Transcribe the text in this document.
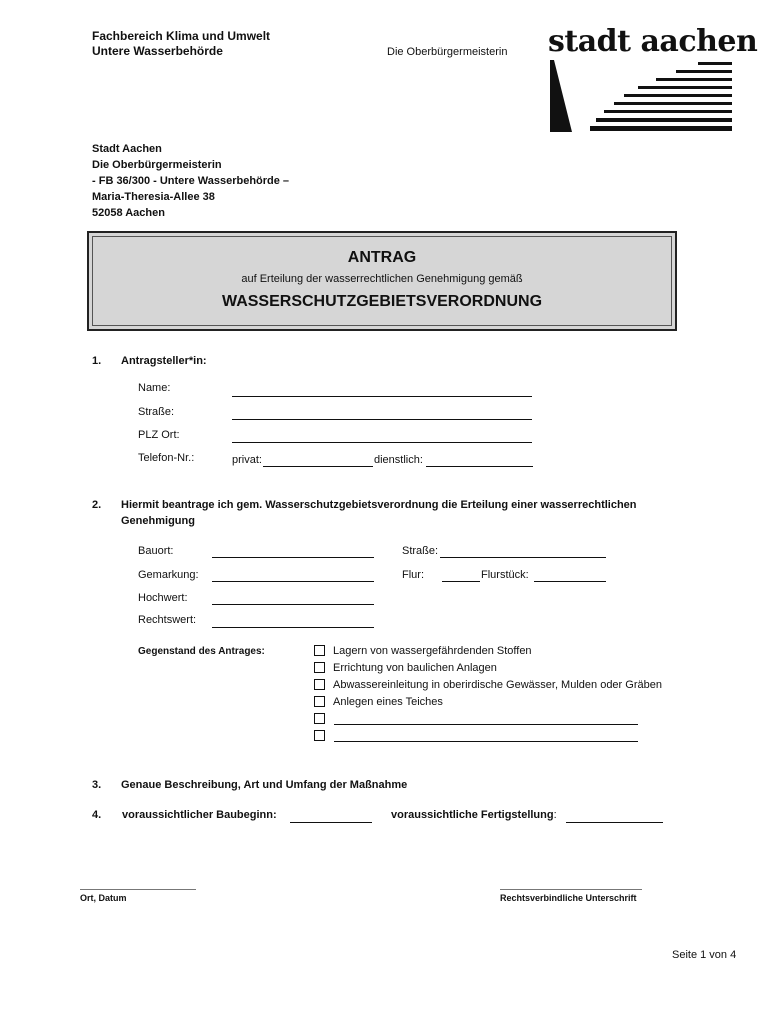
Fachbereich Klima und Umwelt
Untere Wasserbehörde	Die Oberbürgermeisterin stadt aachen
Stadt Aachen
Die Oberbürgermeisterin
- FB 36/300 - Untere Wasserbehörde –
Maria-Theresia-Allee 38
52058 Aachen
ANTRAG
auf Erteilung der wasserrechtlichen Genehmigung gemäß
WASSERSCHUTZGEBIETSVERORDNUNG
1. Antragsteller*in:
Name:
Straße:
PLZ Ort:
Telefon-Nr.:	privat:	dienstlich:
2. Hiermit beantrage ich gem. Wasserschutzgebietsverordnung die Erteilung einer wasserrechtlichen
Genehmigung
Bauort:	Straße:
Gemarkung:	Flur:	Flurstück:
Hochwert:
Rechtswert:
Gegenstand des Antrages:	Lagern von wassergefährdenden Stoffen
Errichtung von baulichen Anlagen
Abwassereinleitung in oberirdische Gewässer, Mulden oder Gräben
Anlegen eines Teiches
3. Genaue Beschreibung, Art und Umfang der Maßnahme
4. voraussichtlicher Baubeginn:	voraussichtliche Fertigstellung:
Ort, Datum	Rechtsverbindliche Unterschrift
Seite 1 von 4
